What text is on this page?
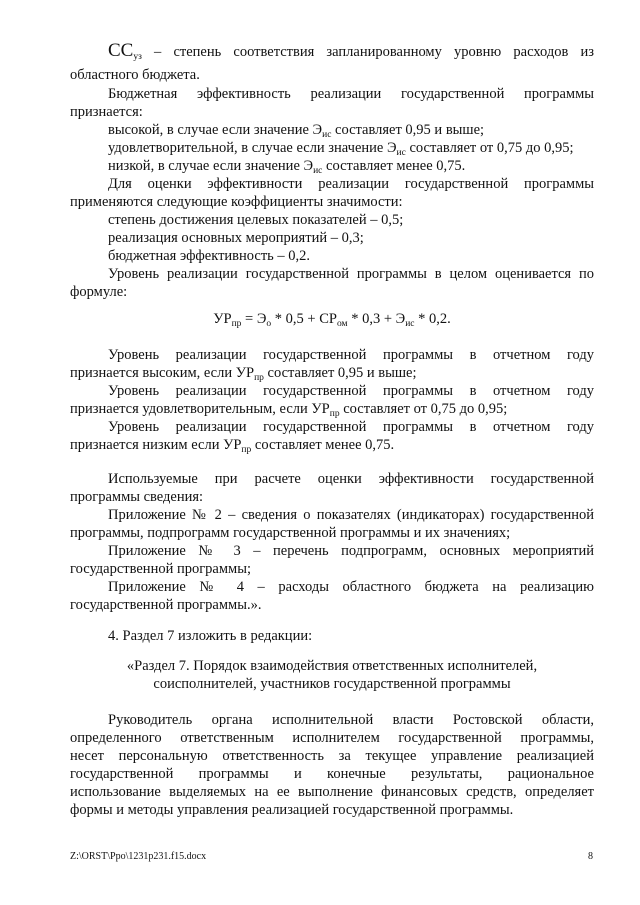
$СС_{уз}$ – степень соответствия запланированному уровню расходов из
областного бюджета.
Бюджетная эффективность реализации государственной программы
признается:
высокой, в случае если значение $Э_{ис}$ составляет 0,95 и выше;
удовлетворительной, в случае если значение $Э_{ис}$ составляет от 0,75 до 0,95;
низкой, в случае если значение $Э_{ис}$ составляет менее 0,75.
Для оценки эффективности реализации государственной программы
применяются следующие коэффициенты значимости:
степень достижения целевых показателей – 0,5;
реализация основных мероприятий – 0,3;
бюджетная эффективность – 0,2.
Уровень реализации государственной программы в целом оценивается по
формуле:
$УР_{пр} = Э_о * 0,5 + СР_{ом} * 0,3 + Э_{ис} * 0,2$.
Уровень реализации государственной программы в отчетном году
признается высоким, если $УР_{пр}$ составляет 0,95 и выше;
Уровень реализации государственной программы в отчетном году
признается удовлетворительным, если $УР_{пр}$ составляет от 0,75 до 0,95;
Уровень реализации государственной программы в отчетном году
признается низким если $УР_{пр}$ составляет менее 0,75.
Используемые при расчете оценки эффективности государственной
программы сведения:
Приложение № 2 – сведения о показателях (индикаторах) государственной
программы, подпрограмм государственной программы и их значениях;
Приложение № 3 – перечень подпрограмм, основных мероприятий
государственной программы;
Приложение № 4 – расходы областного бюджета на реализацию
государственной программы.».
4. Раздел 7 изложить в редакции:
«Раздел 7. Порядок взаимодействия ответственных исполнителей,
соисполнителей, участников государственной программы
Руководитель органа исполнительной власти Ростовской области,
определенного ответственным исполнителем государственной программы,
несет персональную ответственность за текущее управление реализацией
государственной программы и конечные результаты, рациональное
использование выделяемых на ее выполнение финансовых средств, определяет
формы и методы управления реализацией государственной программы.
Z:\ORST\Ppo\1231p231.f15.docx	8
